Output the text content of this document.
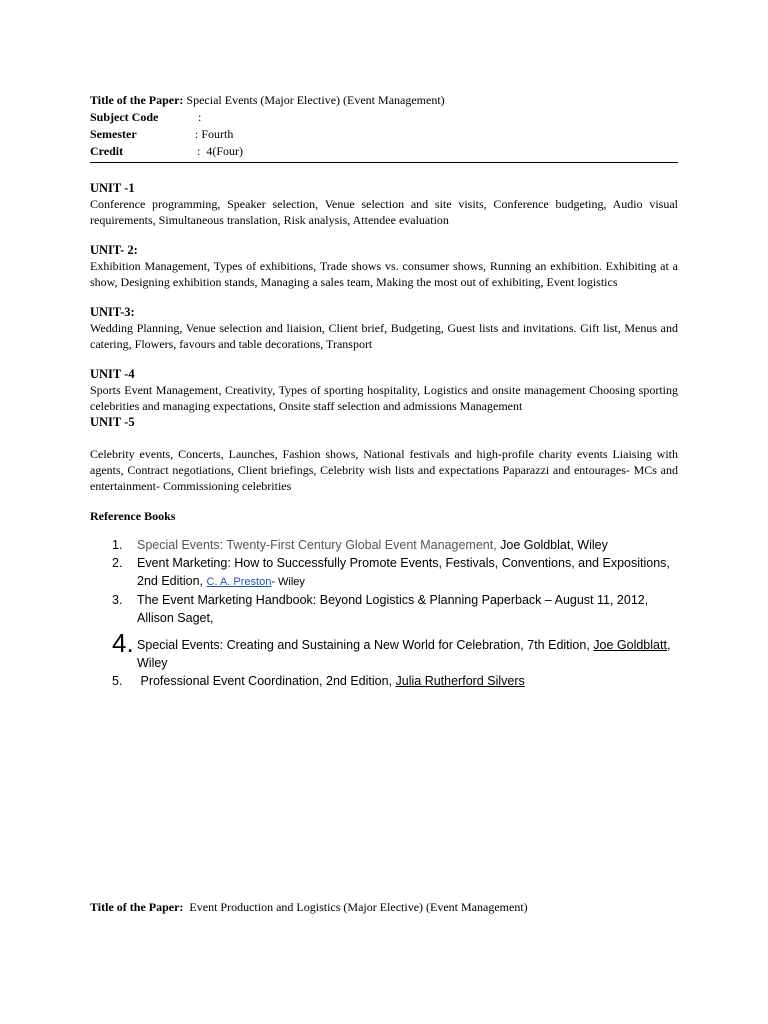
Title of the Paper: Special Events (Major Elective) (Event Management)
Subject Code	:
Semester	: Fourth
Credit	:  4(Four)
UNIT -1
Conference programming, Speaker selection, Venue selection and site visits, Conference budgeting, Audio visual requirements, Simultaneous translation, Risk analysis, Attendee evaluation
UNIT- 2:
Exhibition Management, Types of exhibitions, Trade shows vs. consumer shows, Running an exhibition. Exhibiting at a show, Designing exhibition stands, Managing a sales team, Making the most out of exhibiting, Event logistics
UNIT-3:
Wedding Planning, Venue selection and liaision, Client brief, Budgeting, Guest lists and invitations. Gift list, Menus and catering, Flowers, favours and table decorations, Transport
UNIT -4
Sports Event Management, Creativity, Types of sporting hospitality, Logistics and onsite management Choosing sporting celebrities and managing expectations, Onsite staff selection and admissions Management
UNIT -5
Celebrity events, Concerts, Launches, Fashion shows, National festivals and high-profile charity events Liaising with agents, Contract negotiations, Client briefings, Celebrity wish lists and expectations Paparazzi and entourages- MCs and entertainment- Commissioning celebrities
Reference Books
1.	Special Events: Twenty-First Century Global Event Management, Joe Goldblat, Wiley
2.	Event Marketing: How to Successfully Promote Events, Festivals, Conventions, and Expositions, 2nd Edition, C. A. Preston- Wiley
3.	The Event Marketing Handbook: Beyond Logistics & Planning Paperback – August 11, 2012, Allison Saget,
4. Special Events: Creating and Sustaining a New World for Celebration, 7th Edition, Joe Goldblatt, Wiley
5.	Professional Event Coordination, 2nd Edition, Julia Rutherford Silvers
Title of the Paper:  Event Production and Logistics (Major Elective) (Event Management)
